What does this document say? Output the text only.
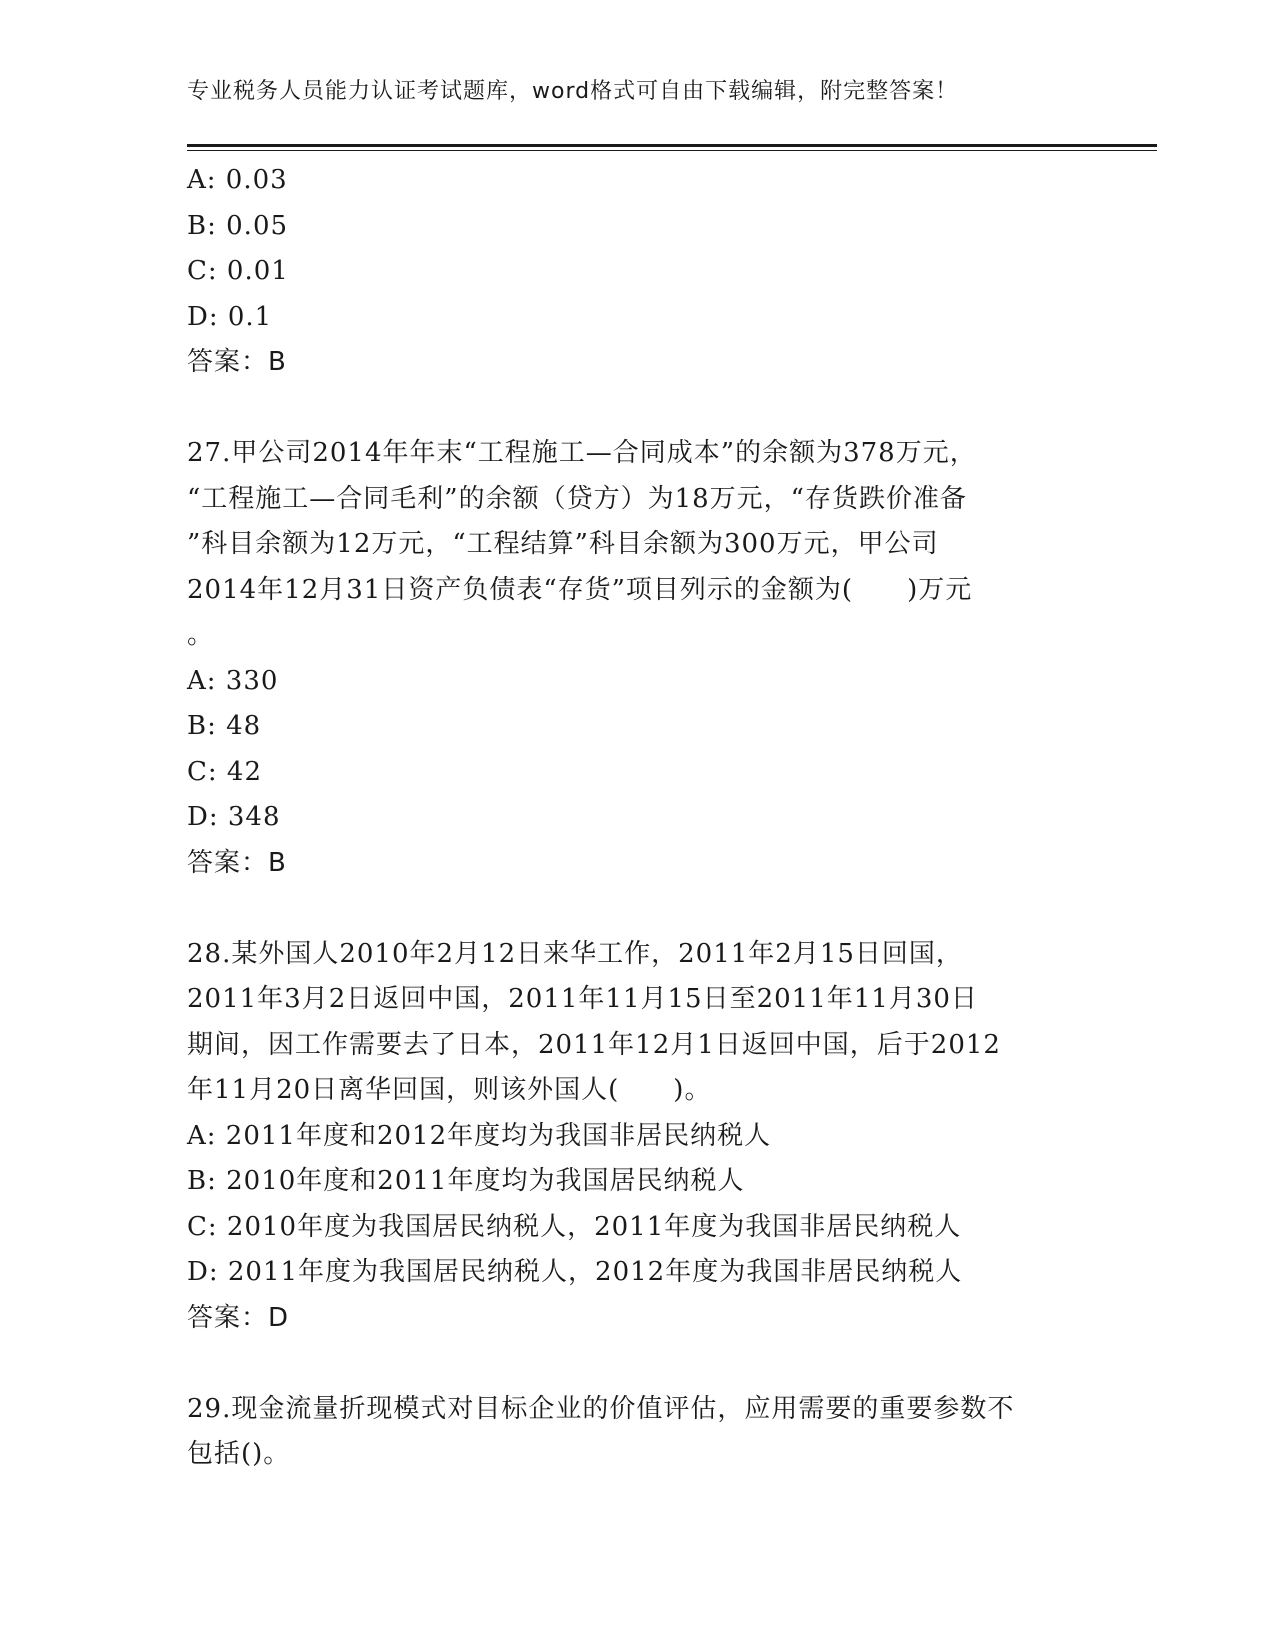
专业税务人员能力认证考试题库，word格式可自由下载编辑，附完整答案！
A: 0.03
B: 0.05
C: 0.01
D: 0.1
答案：B
27.甲公司2014年年末“工程施工—合同成本”的余额为378万元，
“工程施工—合同毛利”的余额（贷方）为18万元，“存货跌价准备
”科目余额为12万元，“工程结算”科目余额为300万元，甲公司
2014年12月31日资产负债表“存货”项目列示的金额为(　　)万元
。
A: 330
B: 48
C: 42
D: 348
答案：B
28.某外国人2010年2月12日来华工作，2011年2月15日回国，
2011年3月2日返回中国，2011年11月15日至2011年11月30日
期间，因工作需要去了日本，2011年12月1日返回中国，后于2012
年11月20日离华回国，则该外国人(　　)。
A: 2011年度和2012年度均为我国非居民纳税人
B: 2010年度和2011年度均为我国居民纳税人
C: 2010年度为我国居民纳税人，2011年度为我国非居民纳税人
D: 2011年度为我国居民纳税人，2012年度为我国非居民纳税人
答案：D
29.现金流量折现模式对目标企业的价值评估，应用需要的重要参数不
包括()。
